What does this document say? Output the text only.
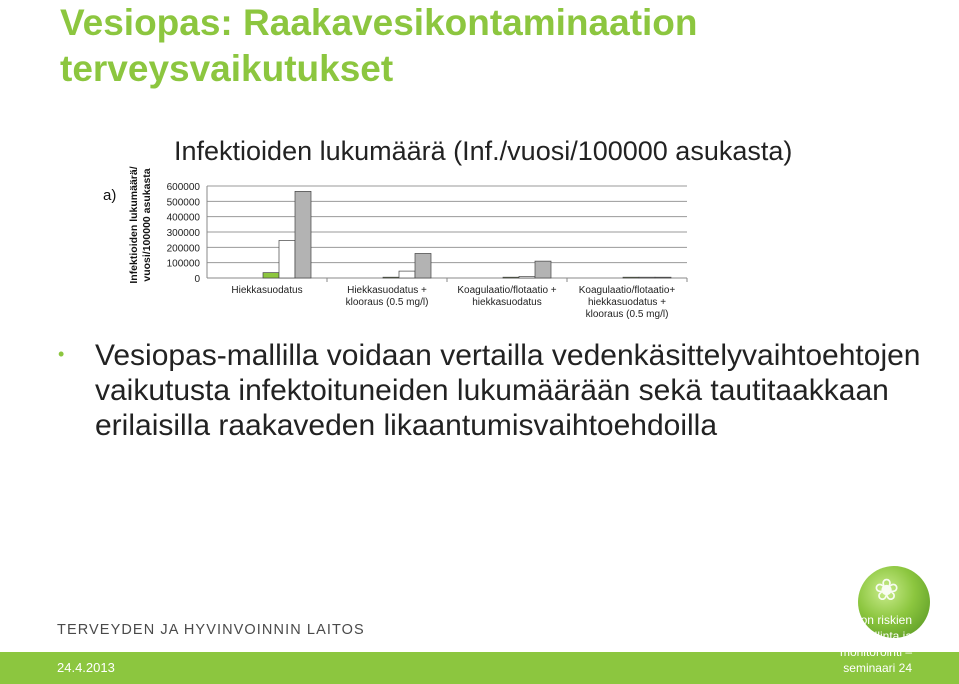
Vesiopas: Raakavesikontaminaation terveysvaikutukset
Infektioiden lukumäärä (Inf./vuosi/100000 asukasta)
a) Infektioiden lukumäärä/ vuosi/100000 asukasta 600000
500000
400000
300000
200000
100000
0
Hiekkasuodatus	Hiekkasuodatus +
klooraus (0.5 mg/l)
Koagulaatio/flotaatio +
hiekkasuodatus
Koagulaatio/flotaatio+
hiekkasuodatus +
klooraus (0.5 mg/l)
• Vesiopas-mallilla voidaan vertailla vedenkäsittelyvaihtoehtojen vaikutusta infektoituneiden lukumäärään sekä tautitaakkaan erilaisilla raakaveden likaantumisvaihtoehdoilla
TERVEYDEN JA HYVINVOINNIN LAITOS
24.4.2013
❀
esihuollon riskien ja hallinta ja monitorointi – seminaari 24
